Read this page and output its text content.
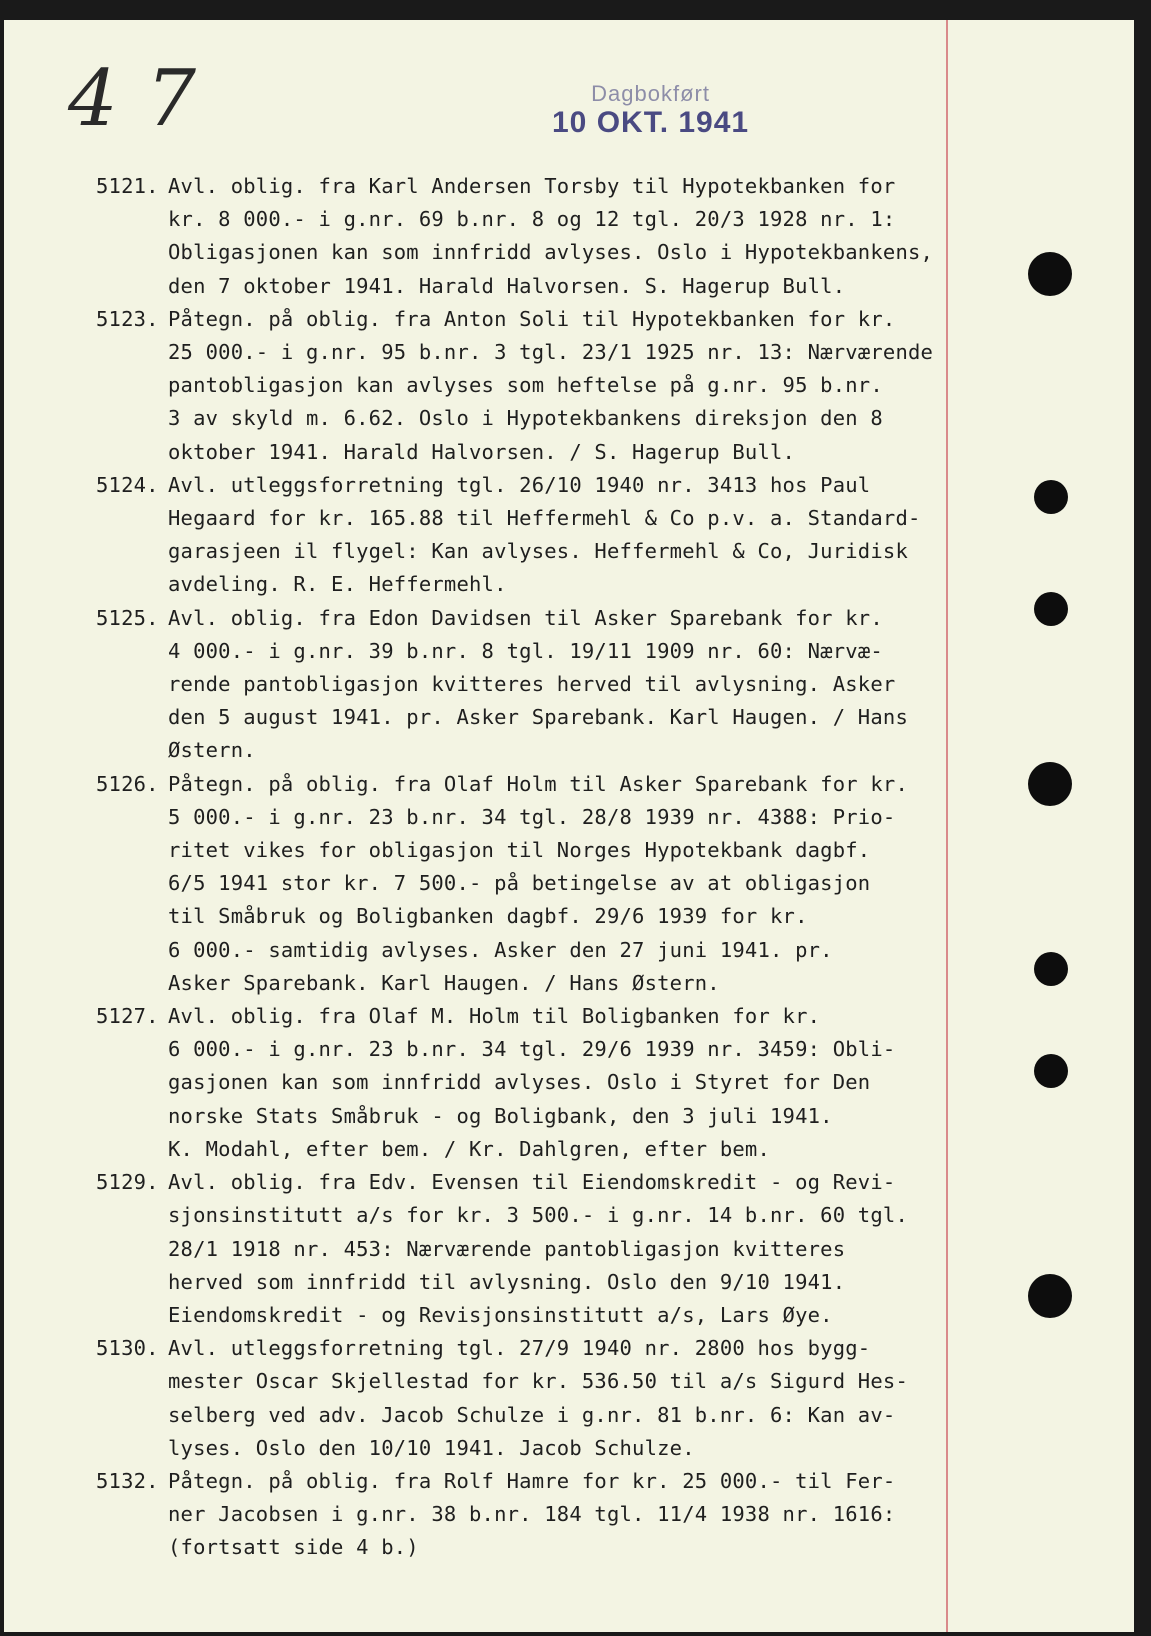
4 7	Dagbokført
10 OKT. 1941
5121. Avl. oblig. fra Karl Andersen Torsby til Hypotekbanken for
kr. 8 000.- i g.nr. 69 b.nr. 8 og 12 tgl. 20/3 1928 nr. 1:
Obligasjonen kan som innfridd avlyses. Oslo i Hypotekbankens,
den 7 oktober 1941. Harald Halvorsen. S. Hagerup Bull.
5123. Påtegn. på oblig. fra Anton Soli til Hypotekbanken for kr.
25 000.- i g.nr. 95 b.nr. 3 tgl. 23/1 1925 nr. 13: Nærværende
pantobligasjon kan avlyses som heftelse på g.nr. 95 b.nr.
3 av skyld m. 6.62. Oslo i Hypotekbankens direksjon den 8
oktober 1941. Harald Halvorsen. / S. Hagerup Bull.
5124. Avl. utleggsforretning tgl. 26/10 1940 nr. 3413 hos Paul
Hegaard for kr. 165.88 til Heffermehl & Co p.v. a. Standard-
garasjeen il flygel: Kan avlyses. Heffermehl & Co, Juridisk
avdeling. R. E. Heffermehl.
5125. Avl. oblig. fra Edon Davidsen til Asker Sparebank for kr.
4 000.- i g.nr. 39 b.nr. 8 tgl. 19/11 1909 nr. 60: Nærvæ-
rende pantobligasjon kvitteres herved til avlysning. Asker
den 5 august 1941. pr. Asker Sparebank. Karl Haugen. / Hans
Østern.
5126. Påtegn. på oblig. fra Olaf Holm til Asker Sparebank for kr.
5 000.- i g.nr. 23 b.nr. 34 tgl. 28/8 1939 nr. 4388: Prio-
ritet vikes for obligasjon til Norges Hypotekbank dagbf.
6/5 1941 stor kr. 7 500.- på betingelse av at obligasjon
til Småbruk og Boligbanken dagbf. 29/6 1939 for kr.
6 000.- samtidig avlyses. Asker den 27 juni 1941. pr.
Asker Sparebank. Karl Haugen. / Hans Østern.
5127. Avl. oblig. fra Olaf M. Holm til Boligbanken for kr.
6 000.- i g.nr. 23 b.nr. 34 tgl. 29/6 1939 nr. 3459: Obli-
gasjonen kan som innfridd avlyses. Oslo i Styret for Den
norske Stats Småbruk - og Boligbank, den 3 juli 1941.
K. Modahl, efter bem. / Kr. Dahlgren, efter bem.
5129. Avl. oblig. fra Edv. Evensen til Eiendomskredit - og Revi-
sjonsinstitutt a/s for kr. 3 500.- i g.nr. 14 b.nr. 60 tgl.
28/1 1918 nr. 453: Nærværende pantobligasjon kvitteres
herved som innfridd til avlysning. Oslo den 9/10 1941.
Eiendomskredit - og Revisjonsinstitutt a/s, Lars Øye.
5130. Avl. utleggsforretning tgl. 27/9 1940 nr. 2800 hos bygg-
mester Oscar Skjellestad for kr. 536.50 til a/s Sigurd Hes-
selberg ved adv. Jacob Schulze i g.nr. 81 b.nr. 6: Kan av-
lyses. Oslo den 10/10 1941. Jacob Schulze.
5132. Påtegn. på oblig. fra Rolf Hamre for kr. 25 000.- til Fer-
ner Jacobsen i g.nr. 38 b.nr. 184 tgl. 11/4 1938 nr. 1616:
(fortsatt side 4 b.)
